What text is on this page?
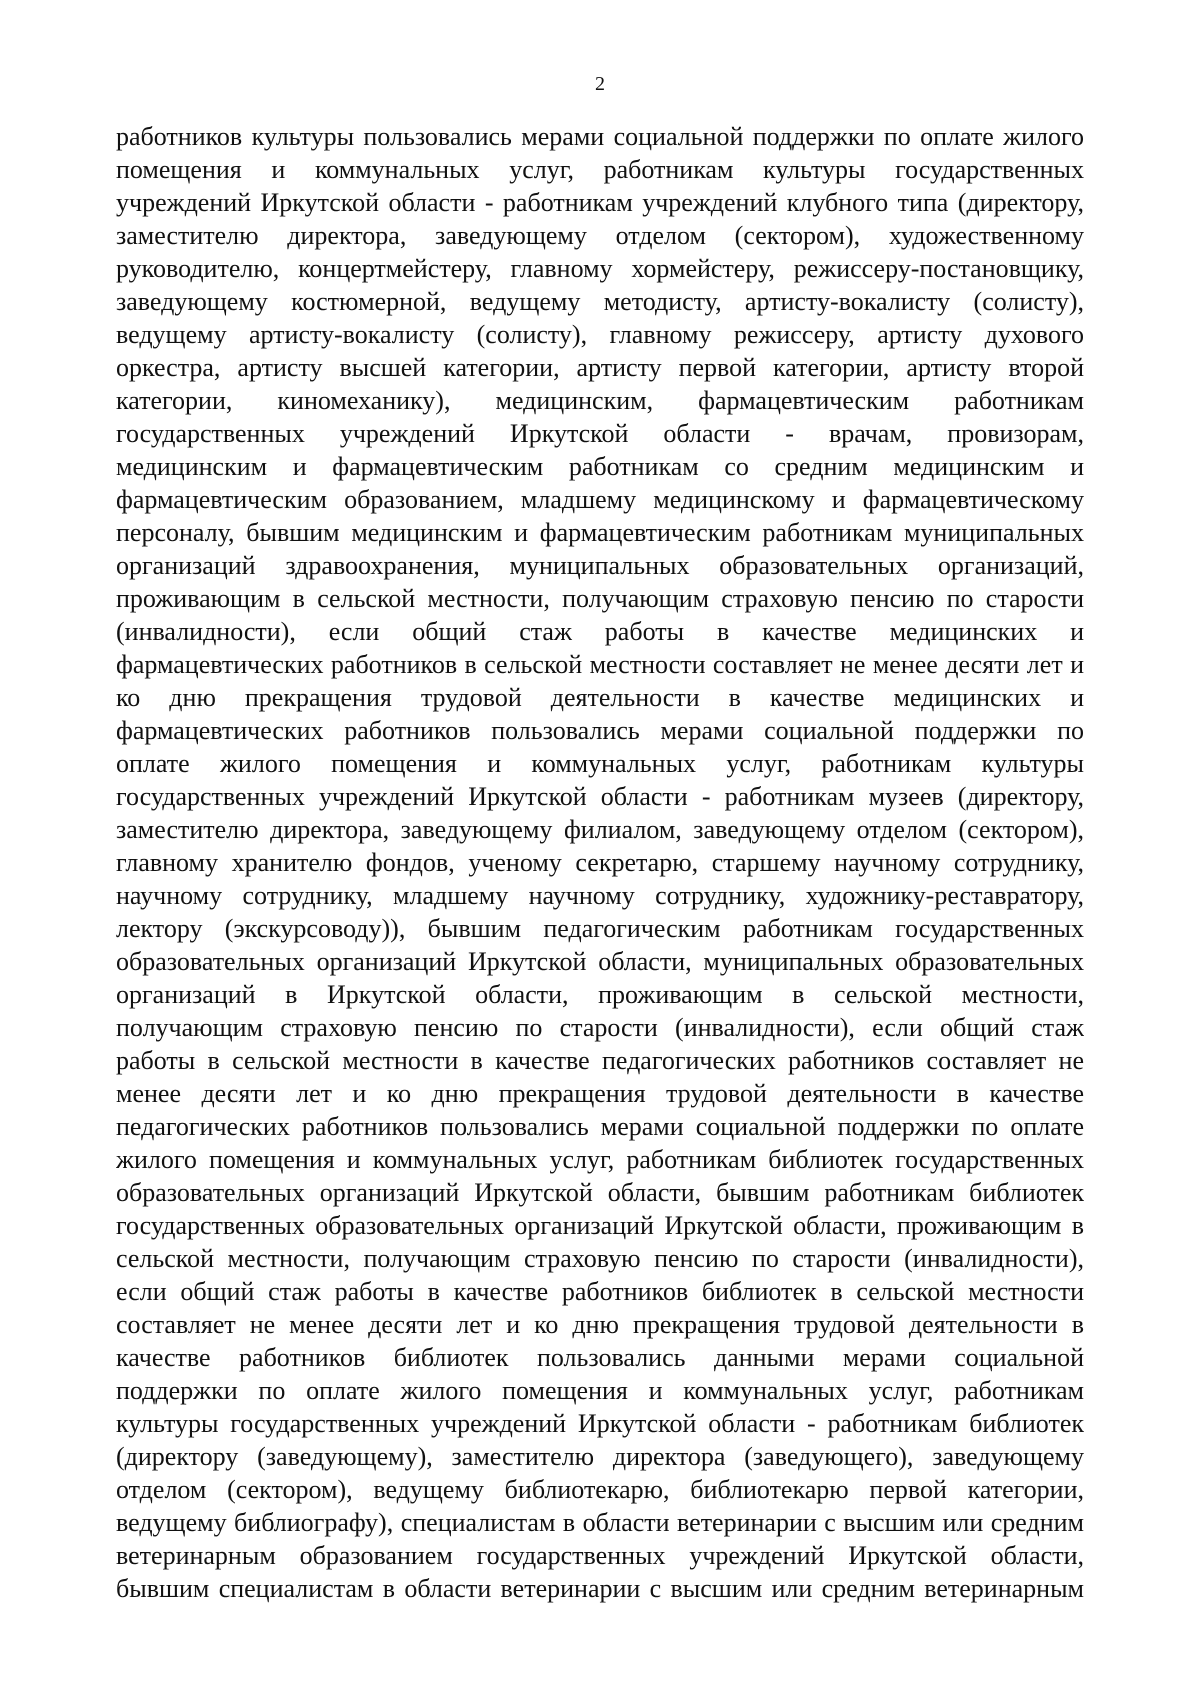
2
работников культуры пользовались мерами социальной поддержки по оплате жилого
помещения и коммунальных услуг, работникам культуры государственных
учреждений Иркутской области - работникам учреждений клубного типа (директору,
заместителю директора, заведующему отделом (сектором), художественному
руководителю, концертмейстеру, главному хормейстеру, режиссеру-постановщику,
заведующему костюмерной, ведущему методисту, артисту-вокалисту (солисту),
ведущему артисту-вокалисту (солисту), главному режиссеру, артисту духового
оркестра, артисту высшей категории, артисту первой категории, артисту второй
категории, киномеханику), медицинским, фармацевтическим работникам
государственных учреждений Иркутской области - врачам, провизорам,
медицинским и фармацевтическим работникам со средним медицинским и
фармацевтическим образованием, младшему медицинскому и фармацевтическому
персоналу, бывшим медицинским и фармацевтическим работникам муниципальных
организаций здравоохранения, муниципальных образовательных организаций,
проживающим в сельской местности, получающим страховую пенсию по старости
(инвалидности), если общий стаж работы в качестве медицинских и
фармацевтических работников в сельской местности составляет не менее десяти лет и
ко дню прекращения трудовой деятельности в качестве медицинских и
фармацевтических работников пользовались мерами социальной поддержки по
оплате жилого помещения и коммунальных услуг, работникам культуры
государственных учреждений Иркутской области - работникам музеев (директору,
заместителю директора, заведующему филиалом, заведующему отделом (сектором),
главному хранителю фондов, ученому секретарю, старшему научному сотруднику,
научному сотруднику, младшему научному сотруднику, художнику-реставратору,
лектору (экскурсоводу)), бывшим педагогическим работникам государственных
образовательных организаций Иркутской области, муниципальных образовательных
организаций в Иркутской области, проживающим в сельской местности,
получающим страховую пенсию по старости (инвалидности), если общий стаж
работы в сельской местности в качестве педагогических работников составляет не
менее десяти лет и ко дню прекращения трудовой деятельности в качестве
педагогических работников пользовались мерами социальной поддержки по оплате
жилого помещения и коммунальных услуг, работникам библиотек государственных
образовательных организаций Иркутской области, бывшим работникам библиотек
государственных образовательных организаций Иркутской области, проживающим в
сельской местности, получающим страховую пенсию по старости (инвалидности),
если общий стаж работы в качестве работников библиотек в сельской местности
составляет не менее десяти лет и ко дню прекращения трудовой деятельности в
качестве работников библиотек пользовались данными мерами социальной
поддержки по оплате жилого помещения и коммунальных услуг, работникам
культуры государственных учреждений Иркутской области - работникам библиотек
(директору (заведующему), заместителю директора (заведующего), заведующему
отделом (сектором), ведущему библиотекарю, библиотекарю первой категории,
ведущему библиографу), специалистам в области ветеринарии с высшим или средним
ветеринарным образованием государственных учреждений Иркутской области,
бывшим специалистам в области ветеринарии с высшим или средним ветеринарным
